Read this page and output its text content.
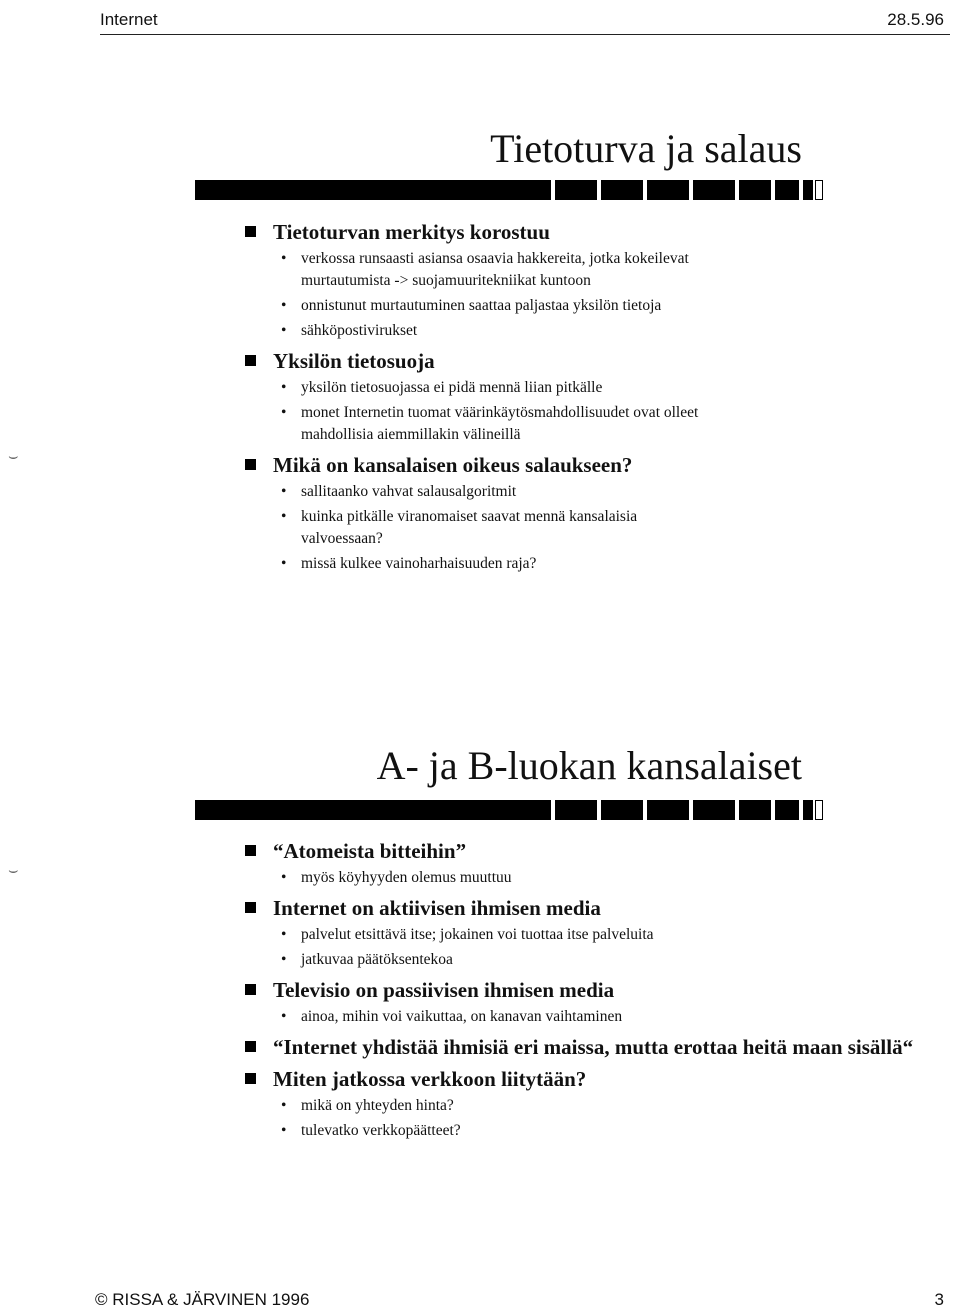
Internet	28.5.96
Tietoturva ja salaus
Tietoturvan merkitys korostuu
• verkossa runsaasti asiansa osaavia hakkereita, jotka kokeilevat
murtautumista -> suojamuuritekniikat kuntoon
• onnistunut murtautuminen saattaa paljastaa yksilön tietoja
• sähköpostivirukset
Yksilön tietosuoja
• yksilön tietosuojassa ei pidä mennä liian pitkälle
• monet Internetin tuomat väärinkäytösmahdollisuudet ovat olleet
mahdollisia aiemmillakin välineillä
Mikä on kansalaisen oikeus salaukseen?
• sallitaanko vahvat salausalgoritmit
• kuinka pitkälle viranomaiset saavat mennä kansalaisia
valvoessaan?
• missä kulkee vainoharhaisuuden raja?
A- ja B-luokan kansalaiset
“Atomeista bitteihin”
• myös köyhyyden olemus muuttuu
Internet on aktiivisen ihmisen media
• palvelut etsittävä itse; jokainen voi tuottaa itse palveluita
• jatkuvaa päätöksentekoa
Televisio on passiivisen ihmisen media
• ainoa, mihin voi vaikuttaa, on kanavan vaihtaminen
“Internet yhdistää ihmisiä eri maissa, mutta erottaa heitä maan sisällä“
Miten jatkossa verkkoon liitytään?
• mikä on yhteyden hinta?
• tulevatko verkkopäätteet?
⌣
⌣
© RISSA & JÄRVINEN 1996	3
